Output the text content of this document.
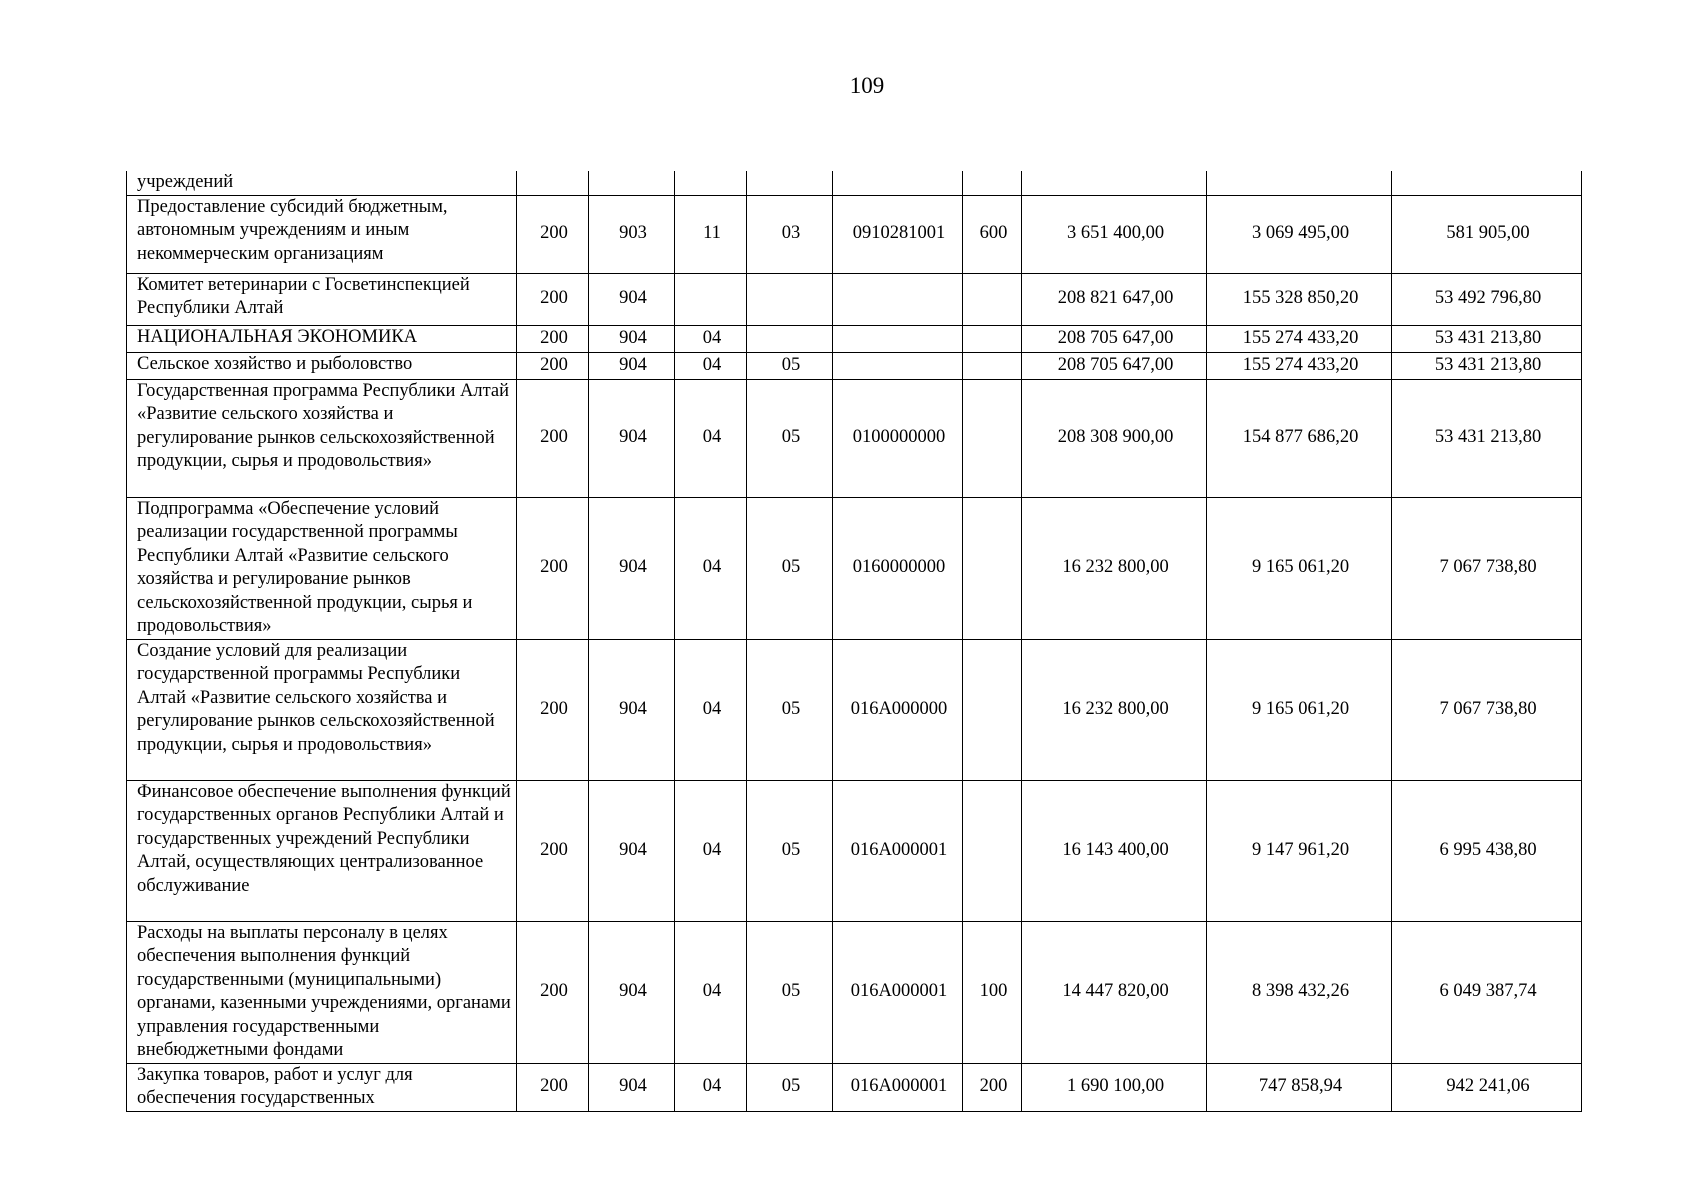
109
учреждений									
Предоставление субсидий бюджетным, автономным учреждениям и иным некоммерческим организациям	200	903	11	03	0910281001	600	3 651 400,00	3 069 495,00	581 905,00
Комитет ветеринарии с Госветинспекцией Республики Алтай	200	904					208 821 647,00	155 328 850,20	53 492 796,80
НАЦИОНАЛЬНАЯ ЭКОНОМИКА	200	904	04				208 705 647,00	155 274 433,20	53 431 213,80
Сельское хозяйство и рыболовство	200	904	04	05			208 705 647,00	155 274 433,20	53 431 213,80
Государственная программа Республики Алтай «Развитие сельского хозяйства и регулирование рынков сельскохозяйственной продукции, сырья и продовольствия»	200	904	04	05	0100000000		208 308 900,00	154 877 686,20	53 431 213,80
Подпрограмма «Обеспечение условий реализации государственной программы Республики Алтай «Развитие сельского хозяйства и регулирование рынков сельскохозяйственной продукции, сырья и продовольствия»	200	904	04	05	0160000000		16 232 800,00	9 165 061,20	7 067 738,80
Создание условий для реализации государственной программы Республики Алтай «Развитие сельского хозяйства и регулирование рынков сельскохозяйственной продукции, сырья и продовольствия»	200	904	04	05	016А000000		16 232 800,00	9 165 061,20	7 067 738,80
Финансовое обеспечение выполнения функций государственных органов Республики Алтай и государственных учреждений Республики Алтай, осуществляющих централизованное обслуживание	200	904	04	05	016А000001		16 143 400,00	9 147 961,20	6 995 438,80
Расходы на выплаты персоналу в целях обеспечения выполнения функций государственными (муниципальными) органами, казенными учреждениями, органами управления государственными внебюджетными фондами	200	904	04	05	016А000001	100	14 447 820,00	8 398 432,26	6 049 387,74
Закупка товаров, работ и услуг для обеспечения государственных	200	904	04	05	016А000001	200	1 690 100,00	747 858,94	942 241,06
